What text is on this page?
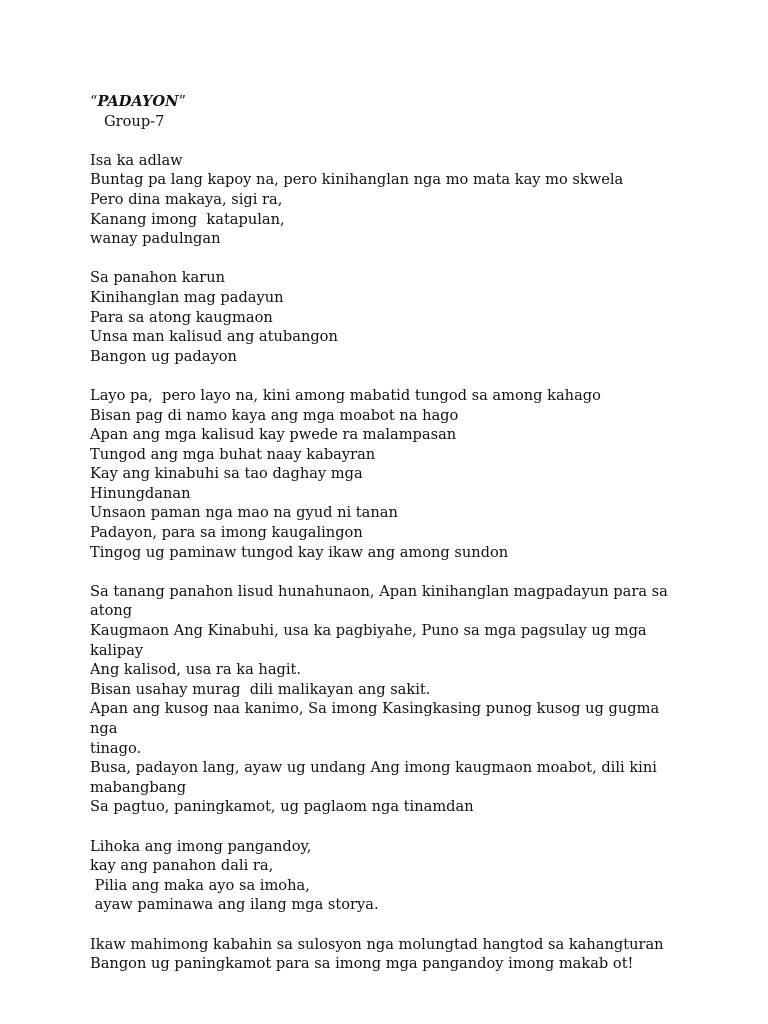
“PADAYON”

Group-7

Isa ka adlaw
Buntag pa lang kapoy na, pero kinihanglan nga mo mata kay mo skwela
Pero dina makaya, sigi ra,
Kanang imong  katapulan,
wanay padulngan
Sa panahon karun
Kinihanglan mag padayun
Para sa atong kaugmaon
Unsa man kalisud ang atubangon
Bangon ug padayon
Layo pa,  pero layo na, kini among mabatid tungod sa among kahago
Bisan pag di namo kaya ang mga moabot na hago
Apan ang mga kalisud kay pwede ra malampasan
Tungod ang mga buhat naay kabayran
Kay ang kinabuhi sa tao daghay mga
Hinungdanan
Unsaon paman nga mao na gyud ni tanan
Padayon, para sa imong kaugalingon
Tingog ug paminaw tungod kay ikaw ang among sundon
Sa tanang panahon lisud hunahunaon, Apan kinihanglan magpadayun para sa atong
Kaugmaon Ang Kinabuhi, usa ka pagbiyahe, Puno sa mga pagsulay ug mga kalipay
Ang kalisod, usa ra ka hagit.
Bisan usahay murag  dili malikayan ang sakit.
Apan ang kusog naa kanimo, Sa imong Kasingkasing punog kusog ug gugma nga
tinago.
Busa, padayon lang, ayaw ug undang Ang imong kaugmaon moabot, dili kini
mabangbang
Sa pagtuo, paningkamot, ug paglaom nga tinamdan
Lihoka ang imong pangandoy,
kay ang panahon dali ra,
Pilia ang maka ayo sa imoha,
ayaw paminawa ang ilang mga storya.
Ikaw mahimong kabahin sa sulosyon nga molungtad hangtod sa kahangturan
Bangon ug paningkamot para sa imong mga pangandoy imong makab ot!
